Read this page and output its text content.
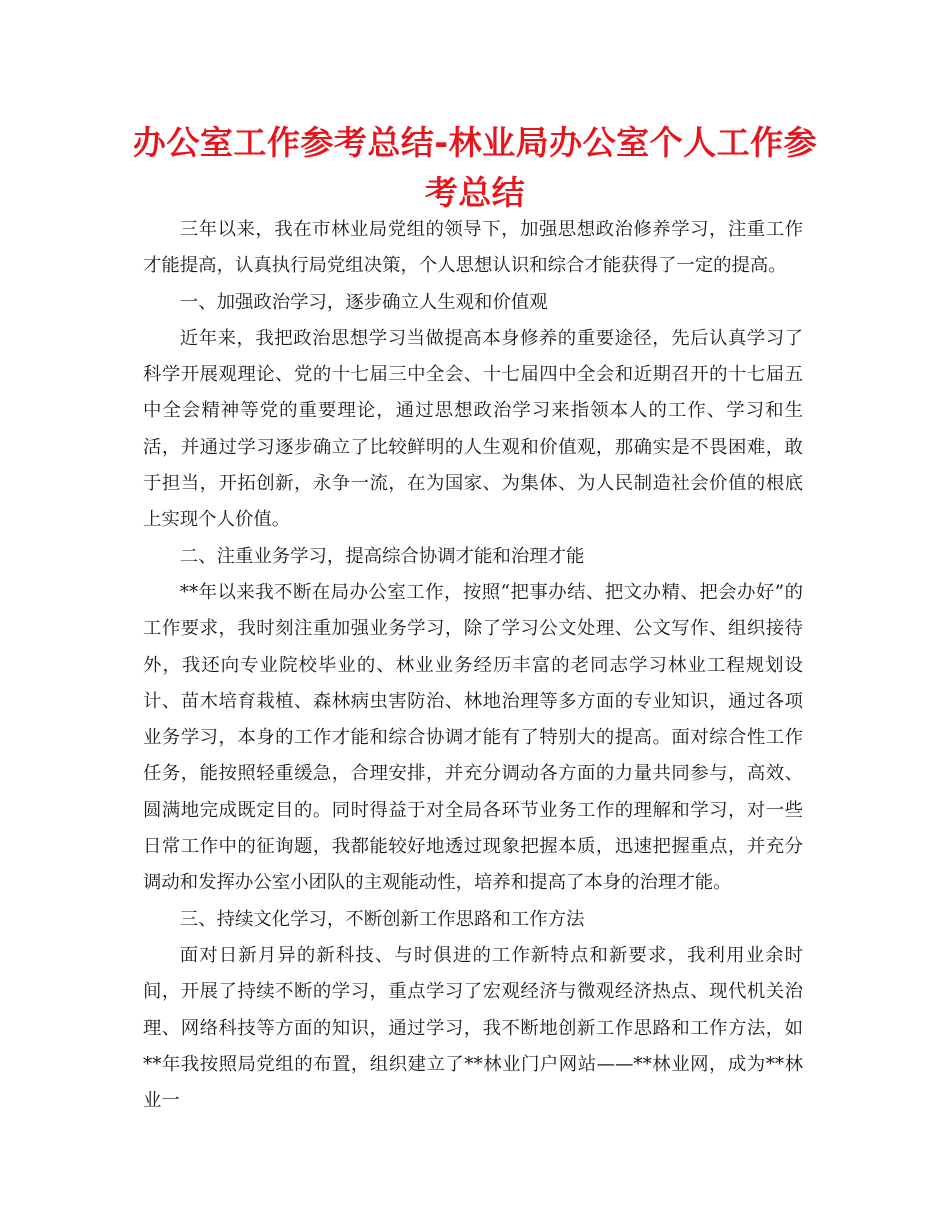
办公室工作参考总结-林业局办公室个人工作参考总结

三年以来，我在市林业局党组的领导下，加强思想政治修养学习，注重工作才能提高，认真执行局党组决策，个人思想认识和综合才能获得了一定的提高。

一、加强政治学习，逐步确立人生观和价值观

近年来，我把政治思想学习当做提高本身修养的重要途径，先后认真学习了科学开展观理论、党的十七届三中全会、十七届四中全会和近期召开的十七届五中全会精神等党的重要理论，通过思想政治学习来指领本人的工作、学习和生活，并通过学习逐步确立了比较鲜明的人生观和价值观，那确实是不畏困难，敢于担当，开拓创新，永争一流，在为国家、为集体、为人民制造社会价值的根底上实现个人价值。

二、注重业务学习，提高综合协调才能和治理才能

**年以来我不断在局办公室工作，按照“把事办结、把文办精、把会办好”的工作要求，我时刻注重加强业务学习，除了学习公文处理、公文写作、组织接待外，我还向专业院校毕业的、林业业务经历丰富的老同志学习林业工程规划设计、苗木培育栽植、森林病虫害防治、林地治理等多方面的专业知识，通过各项业务学习，本身的工作才能和综合协调才能有了特别大的提高。面对综合性工作任务，能按照轻重缓急，合理安排，并充分调动各方面的力量共同参与，高效、圆满地完成既定目的。同时得益于对全局各环节业务工作的理解和学习，对一些日常工作中的征询题，我都能较好地透过现象把握本质，迅速把握重点，并充分调动和发挥办公室小团队的主观能动性，培养和提高了本身的治理才能。

三、持续文化学习，不断创新工作思路和工作方法

面对日新月异的新科技、与时俱进的工作新特点和新要求，我利用业余时间，开展了持续不断的学习，重点学习了宏观经济与微观经济热点、现代机关治理、网络科技等方面的知识，通过学习，我不断地创新工作思路和工作方法，如**年我按照局党组的布置，组织建立了**林业门户网站——**林业网，成为**林业一
